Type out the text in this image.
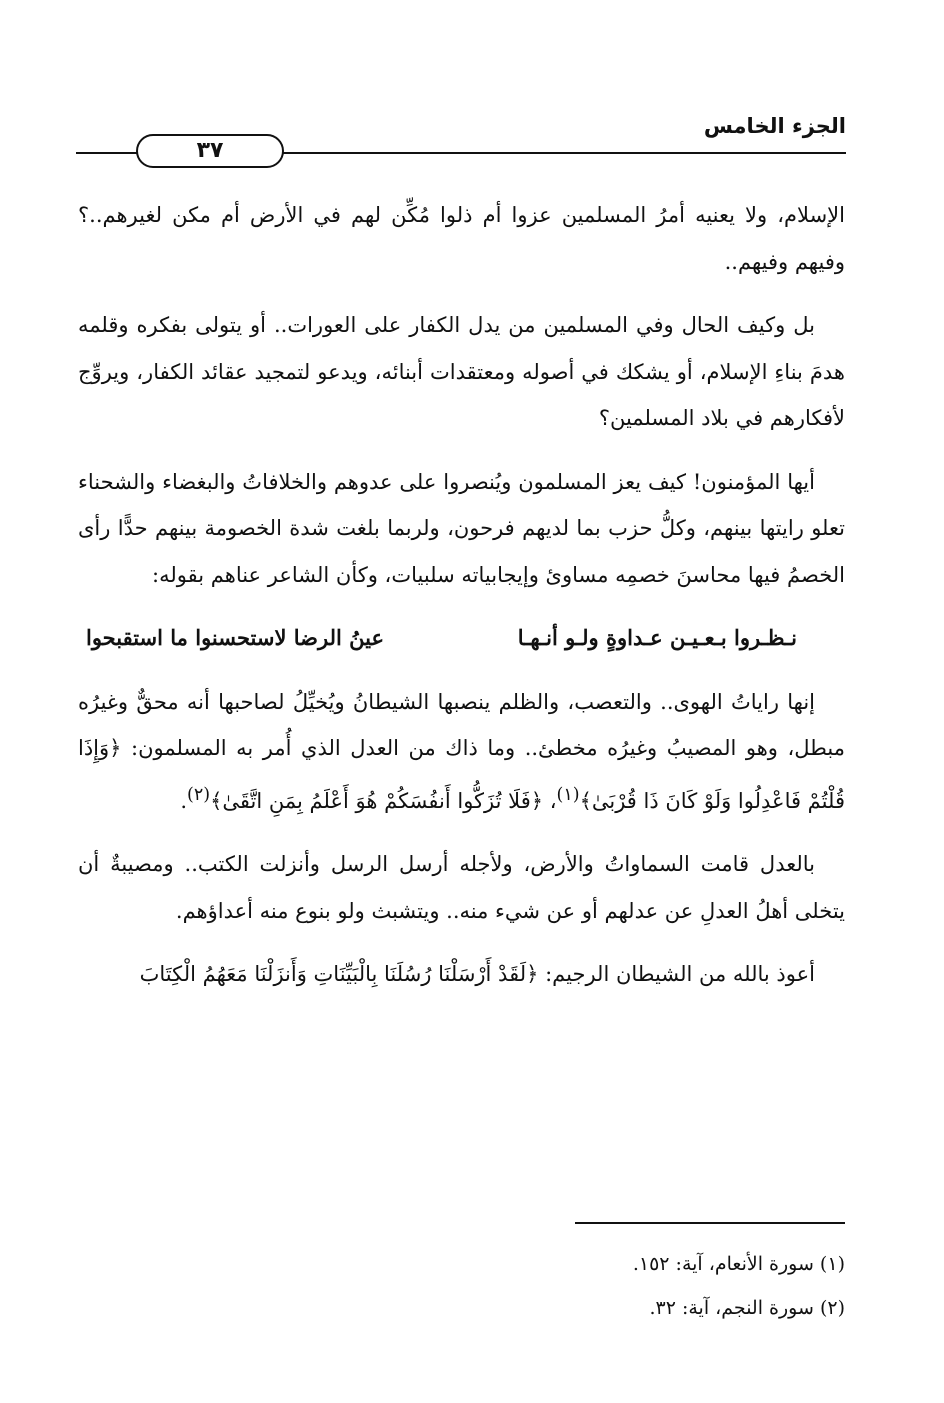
الجزء الخامس
٣٧

الإسلام، ولا يعنيه أمرُ المسلمين عزوا أم ذلوا مُكِّن لهم في الأرض أم مكن لغيرهم..؟ وفيهم وفيهم..

بل وكيف الحال وفي المسلمين من يدل الكفار على العورات.. أو يتولى بفكره وقلمه هدمَ بناءِ الإسلام، أو يشكك في أصوله ومعتقدات أبنائه، ويدعو لتمجيد عقائد الكفار، ويروِّج لأفكارهم في بلاد المسلمين؟

أيها المؤمنون! كيف يعز المسلمون ويُنصروا على عدوهم والخلافاتُ والبغضاء والشحناء تعلو رايتها بينهم، وكلُّ حزب بما لديهم فرحون، ولربما بلغت شدة الخصومة بينهم حدًّا رأى الخصمُ فيها محاسنَ خصمِه مساوئ وإيجابياته سلبيات، وكأن الشاعر عناهم بقوله:

نـظـروا بـعـيـن عـداوةٍ ولـو أنـهـا
عينُ الرضا لاستحسنوا ما استقبحوا

إنها راياتُ الهوى.. والتعصب، والظلم ينصبها الشيطانُ ويُخيِّلُ لصاحبها أنه محقٌّ وغيرُه مبطل، وهو المصيبُ وغيرُه مخطئ.. وما ذاك من العدل الذي أُمر به المسلمون: ﴿وَإِذَا قُلْتُمْ فَاعْدِلُوا وَلَوْ كَانَ ذَا قُرْبَىٰ﴾$^{(١)}$، ﴿فَلَا تُزَكُّوا أَنفُسَكُمْ هُوَ أَعْلَمُ بِمَنِ اتَّقَىٰ﴾$^{(٢)}$.

بالعدل قامت السماواتُ والأرض، ولأجله أرسل الرسل وأنزلت الكتب.. ومصيبةٌ أن يتخلى أهلُ العدلِ عن عدلهم أو عن شيء منه.. ويتشبث ولو بنوع منه أعداؤهم.

أعوذ بالله من الشيطان الرجيم: ﴿لَقَدْ أَرْسَلْنَا رُسُلَنَا بِالْبَيِّنَاتِ وَأَنزَلْنَا مَعَهُمُ الْكِتَابَ

(١) سورة الأنعام، آية: ١٥٢.
(٢) سورة النجم، آية: ٣٢.
